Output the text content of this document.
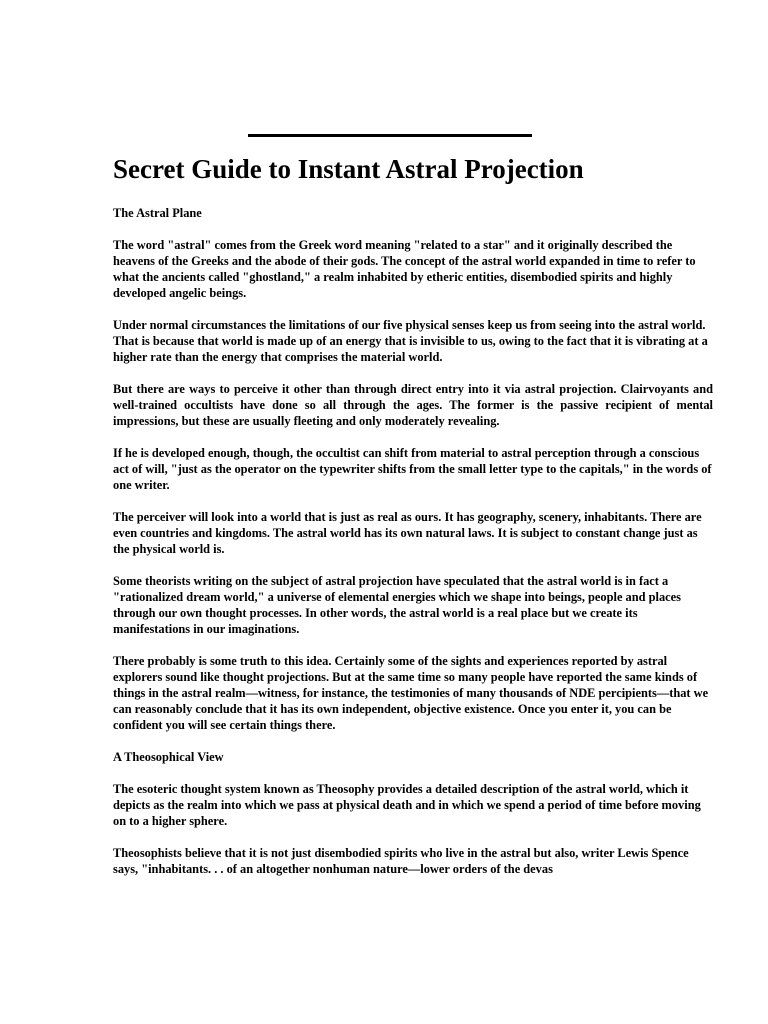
Secret Guide to Instant Astral Projection
The Astral Plane

The word "astral" comes from the Greek word meaning "related to a star" and it originally described the heavens of the Greeks and the abode of their gods. The concept of the astral world expanded in time to refer to what the ancients called "ghostland," a realm inhabited by etheric entities, disembodied spirits and highly developed angelic beings.

Under normal circumstances the limitations of our five physical senses keep us from seeing into the astral world. That is because that world is made up of an energy that is invisible to us, owing to the fact that it is vibrating at a higher rate than the energy that comprises the material world.

But there are ways to perceive it other than through direct entry into it via astral projection. Clairvoyants and well-trained occultists have done so all through the ages. The former is the passive recipient of mental impressions, but these are usually fleeting and only moderately revealing.

If he is developed enough, though, the occultist can shift from material to astral perception through a conscious act of will, "just as the operator on the typewriter shifts from the small letter type to the capitals," in the words of one writer.

The perceiver will look into a world that is just as real as ours. It has geography, scenery, inhabitants. There are even countries and kingdoms. The astral world has its own natural laws. It is subject to constant change just as the physical world is.

Some theorists writing on the subject of astral projection have speculated that the astral world is in fact a "rationalized dream world," a universe of elemental energies which we shape into beings, people and places through our own thought processes. In other words, the astral world is a real place but we create its manifestations in our imaginations.

There probably is some truth to this idea. Certainly some of the sights and experiences reported by astral explorers sound like thought projections. But at the same time so many people have reported the same kinds of things in the astral realm—witness, for instance, the testimonies of many thousands of NDE percipients—that we can reasonably conclude that it has its own independent, objective existence. Once you enter it, you can be confident you will see certain things there.

A Theosophical View

The esoteric thought system known as Theosophy provides a detailed description of the astral world, which it depicts as the realm into which we pass at physical death and in which we spend a period of time before moving on to a higher sphere.

Theosophists believe that it is not just disembodied spirits who live in the astral but also, writer Lewis Spence says, "inhabitants. . . of an altogether nonhuman nature—lower orders of the devas
